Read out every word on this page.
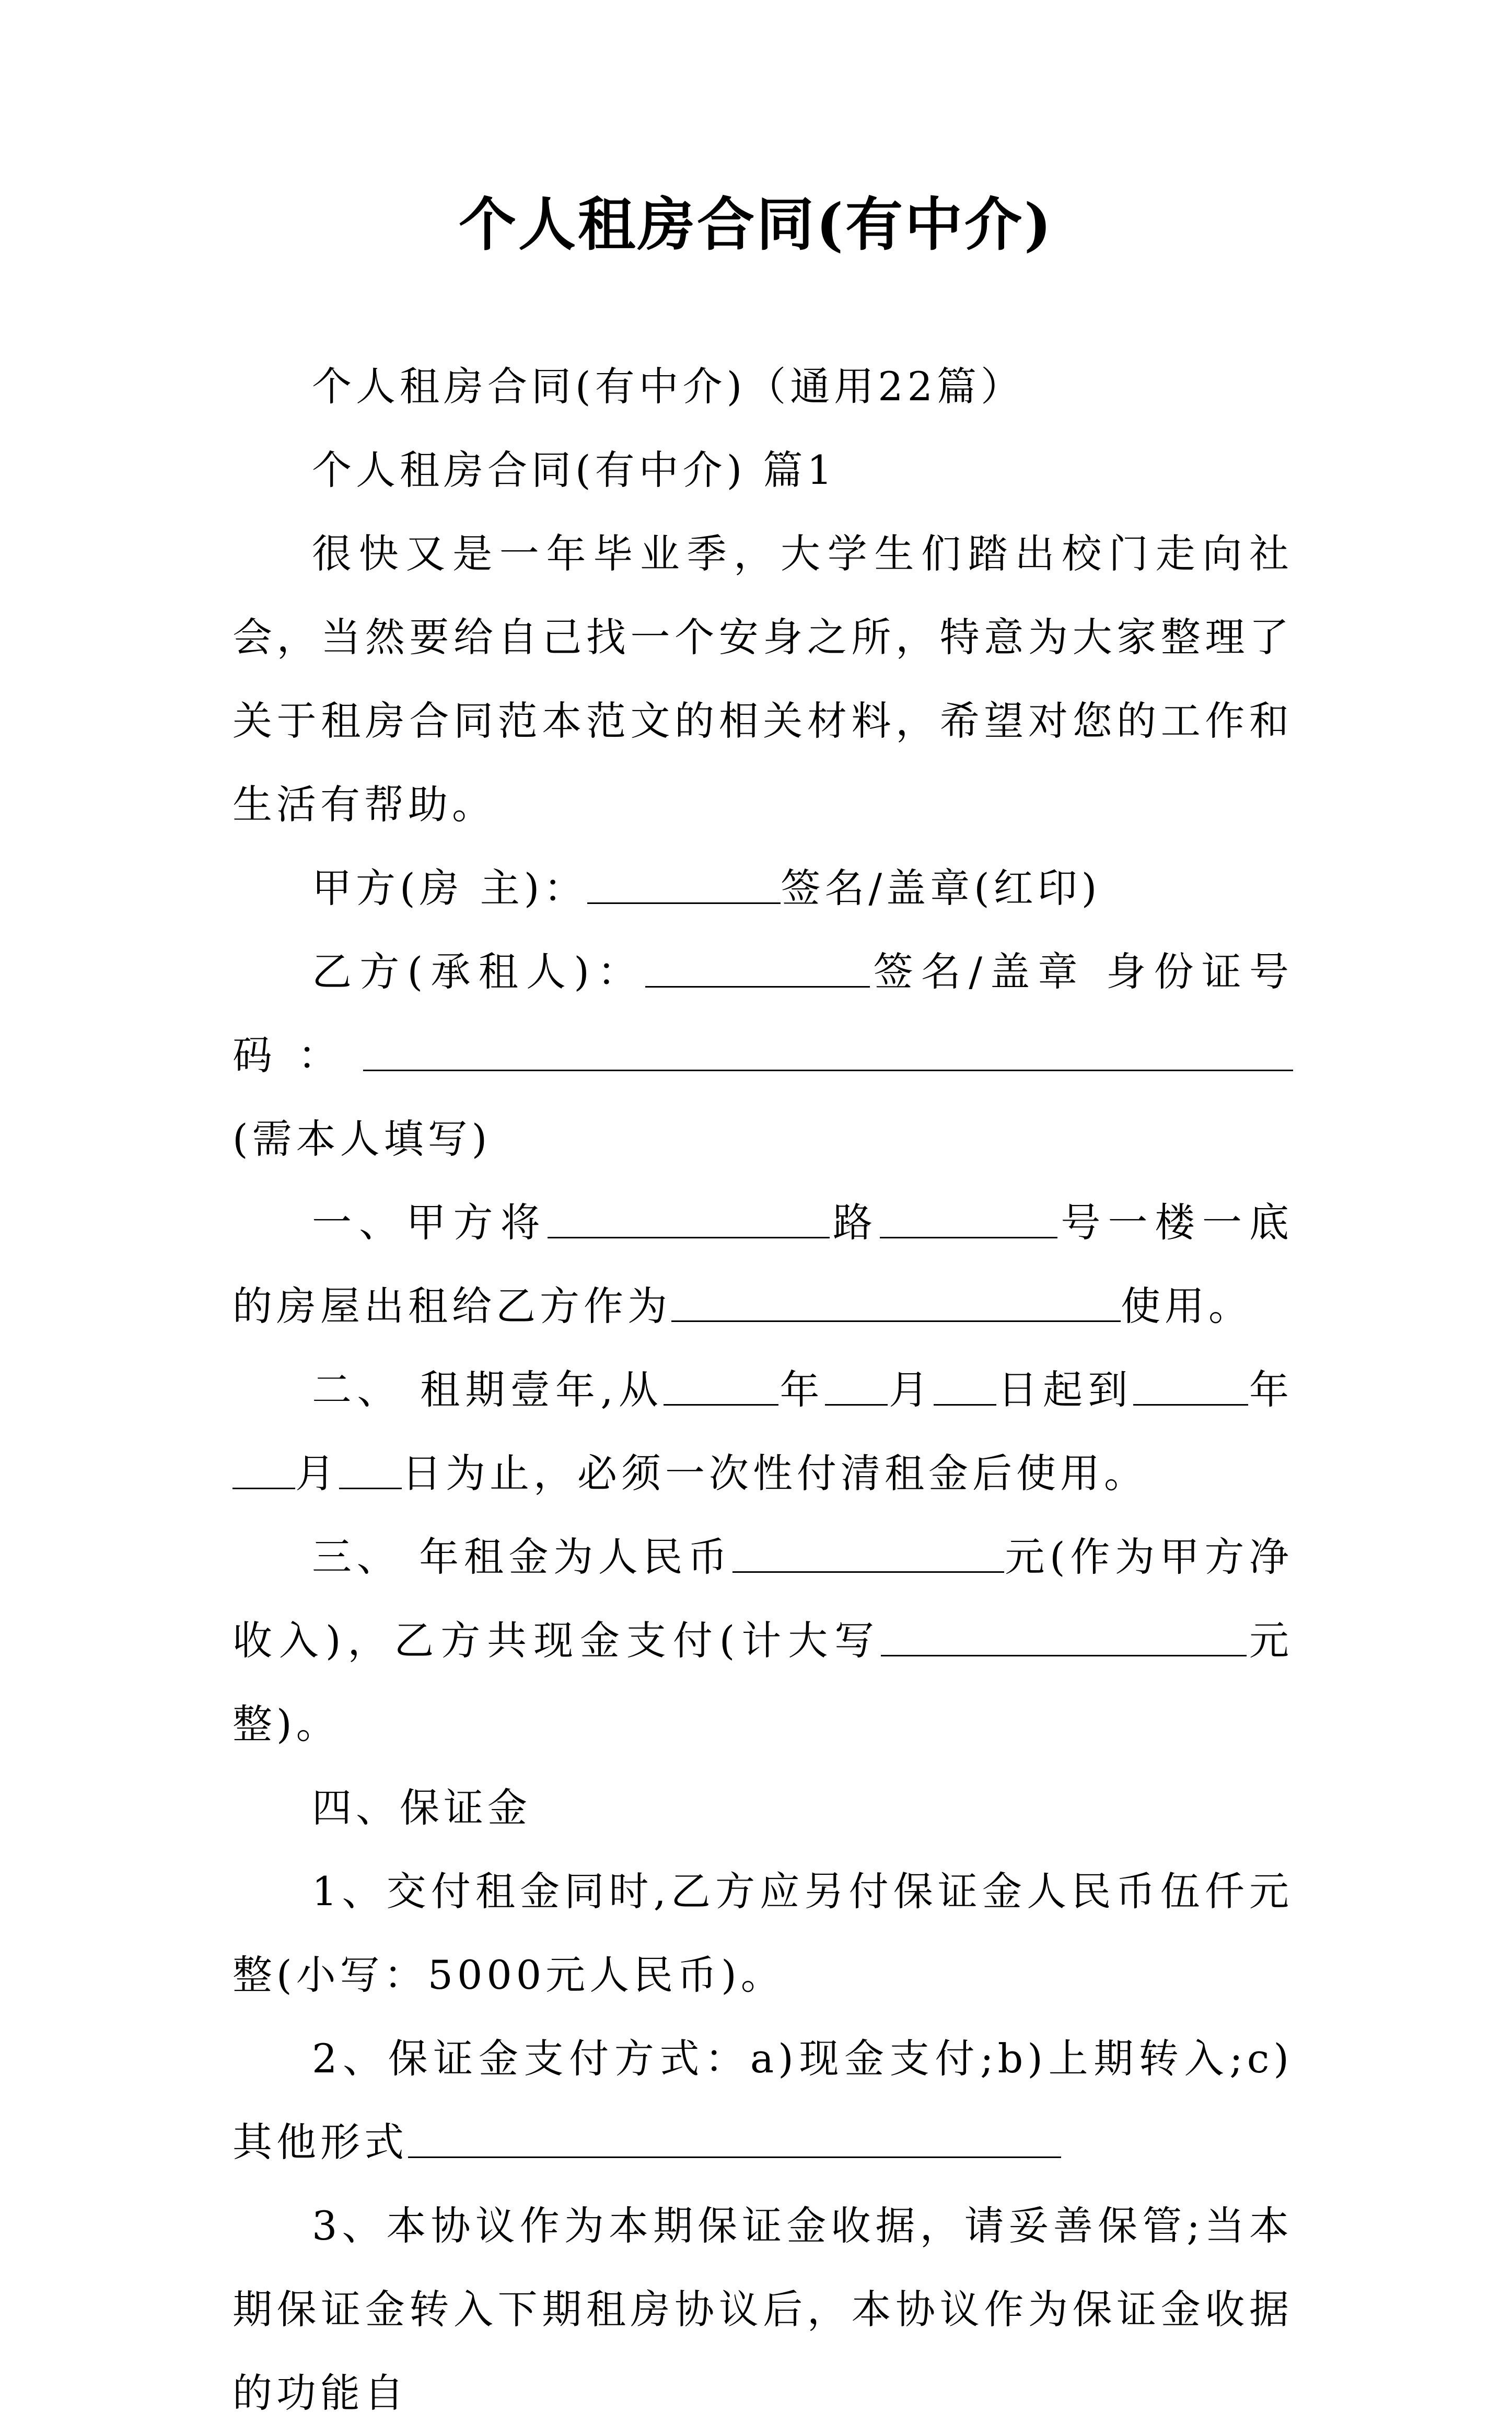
个人租房合同(有中介)

个人租房合同(有中介)（通用22篇）

个人租房合同(有中介) 篇1

很快又是一年毕业季，大学生们踏出校门走向社会，当然要给自己找一个安身之所，特意为大家整理了关于租房合同范本范文的相关材料，希望对您的工作和生活有帮助。

甲方(房 主)：	签名/盖章(红印)

乙方(承租人)：	签名/盖章 身份证号码：(需本人填写)

一、甲方将	路	号一楼一底的房屋出租给乙方作为	使用。

二、 租期壹年,从	年 月 日起到	年月 日为止，必须一次性付清租金后使用。

三、 年租金为人民币	元(作为甲方净收入)，乙方共现金支付(计大写	元整)。

四、保证金

1、交付租金同时,乙方应另付保证金人民币伍仟元整(小写：5000元人民币)。

2、保证金支付方式：a)现金支付;b)上期转入;c)其他形式

3、本协议作为本期保证金收据，请妥善保管;当本期保证金转入下期租房协议后，本协议作为保证金收据的功能自
